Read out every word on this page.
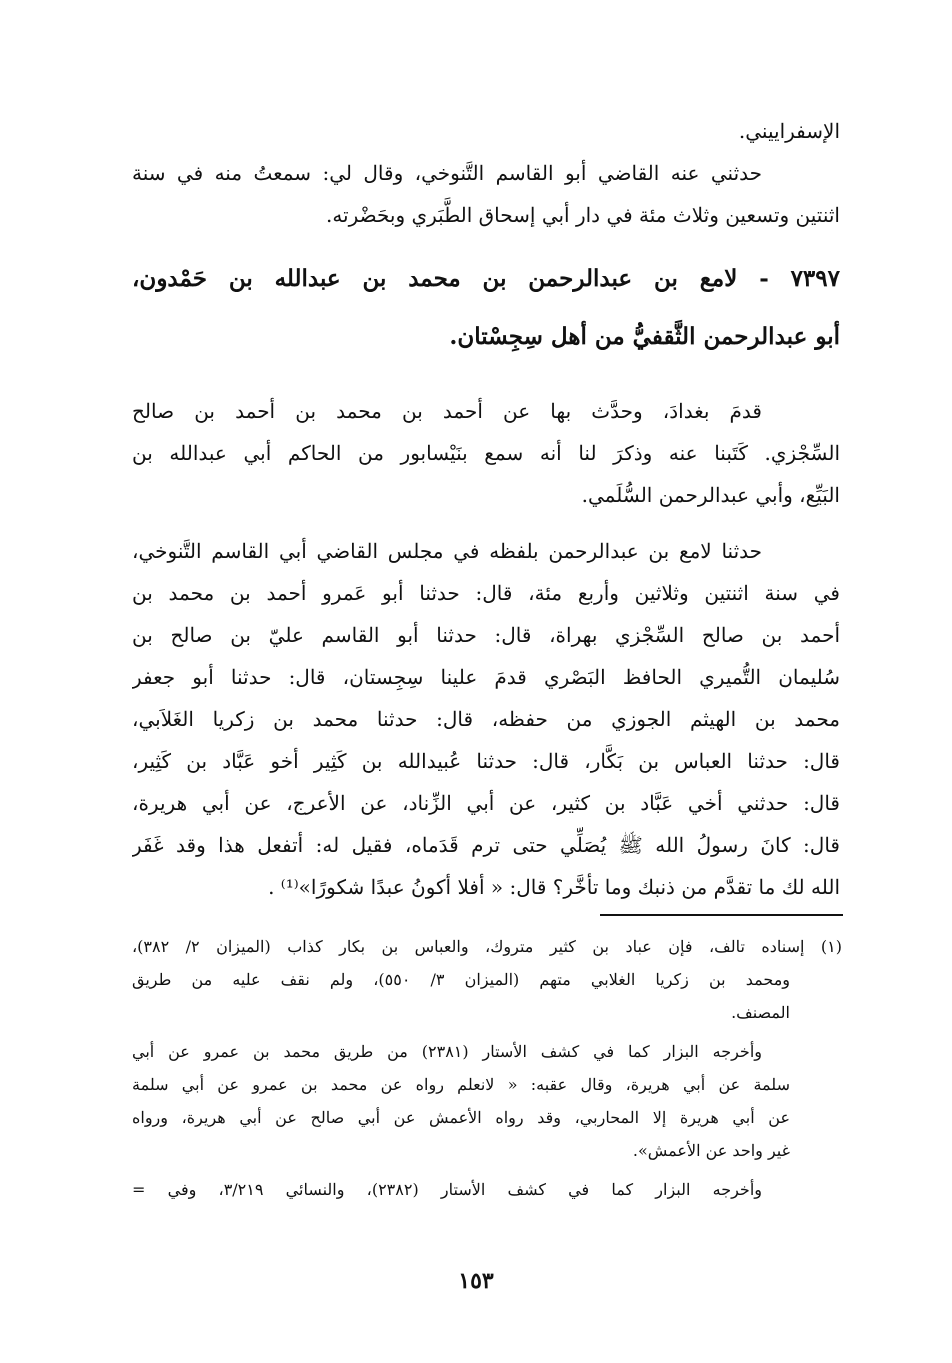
الإسفراييني.
حدثني عنه القاضي أبو القاسم التَّنوخي، وقال لي: سمعتُ منه في سنة
اثنتين وتسعين وثلاث مئة في دار أبي إسحاق الطَّبَري وبحَضْرته.
٧٣٩٧ - لامع بن عبدالرحمن بن محمد بن عبدالله بن حَمْدون،
أبو عبدالرحمن الثَّقفيُّ من أهل سِجِسْتان.
قدمَ بغدادَ، وحدَّث بها عن أحمد بن محمد بن أحمد بن صالح
السِّجْزي. كَتَبنا عنه وذكرَ لنا أنه سمع بنَيْسابور من الحاكم أبي عبدالله بن
البَيِّع، وأبي عبدالرحمن السُّلَمي.
حدثنا لامع بن عبدالرحمن بلفظه في مجلس القاضي أبي القاسم التَّنوخي،
في سنة اثنتين وثلاثين وأربع مئة، قال: حدثنا أبو عَمرو أحمد بن محمد بن
أحمد بن صالح السِّجْزي بهراة، قال: حدثنا أبو القاسم عليّ بن صالح بن
سُليمان التُّميري الحافظ البَصْري قدمَ علينا سِجِستان، قال: حدثنا أبو جعفر
محمد بن الهيثم الجوزي من حفظه، قال: حدثنا محمد بن زكريا الغَلاَبي،
قال: حدثنا العباس بن بَكَّار، قال: حدثنا عُبيدالله بن كَثِير أخو عَبَّاد بن كَثِير،
قال: حدثني أخي عَبَّاد بن كثير، عن أبي الزِّناد، عن الأعرج، عن أبي هريرة،
قال: كانَ رسولُ الله ﷺ يُصَلِّي حتى ترم قَدَماه، فقيل له: أتفعل هذا وقد غَفَر
الله لك ما تقدَّم من ذنبك وما تأخَّر؟ قال: « أفلا أكونُ عبدًا شكورًا»⁽¹⁾ .
(١) إسناده تالف، فإن عباد بن كثير متروك، والعباس بن بكار كذاب (الميزان ٢/ ٣٨٢)،
ومحمد بن زكريا الغلابي متهم (الميزان ٣/ ٥٥٠)، ولم نقف عليه من طريق
المصنف.
وأخرجه البزار كما في كشف الأستار (٢٣٨١) من طريق محمد بن عمرو عن أبي
سلمة عن أبي هريرة، وقال عقبه: « لانعلم رواه عن محمد بن عمرو عن أبي سلمة
عن أبي هريرة إلا المحاربي، وقد رواه الأعمش عن أبي صالح عن أبي هريرة، ورواه
غير واحد عن الأعمش».
وأخرجه البزار كما في كشف الأستار (٢٣٨٢)، والنسائي ٣/٢١٩، وفي =
١٥٣
